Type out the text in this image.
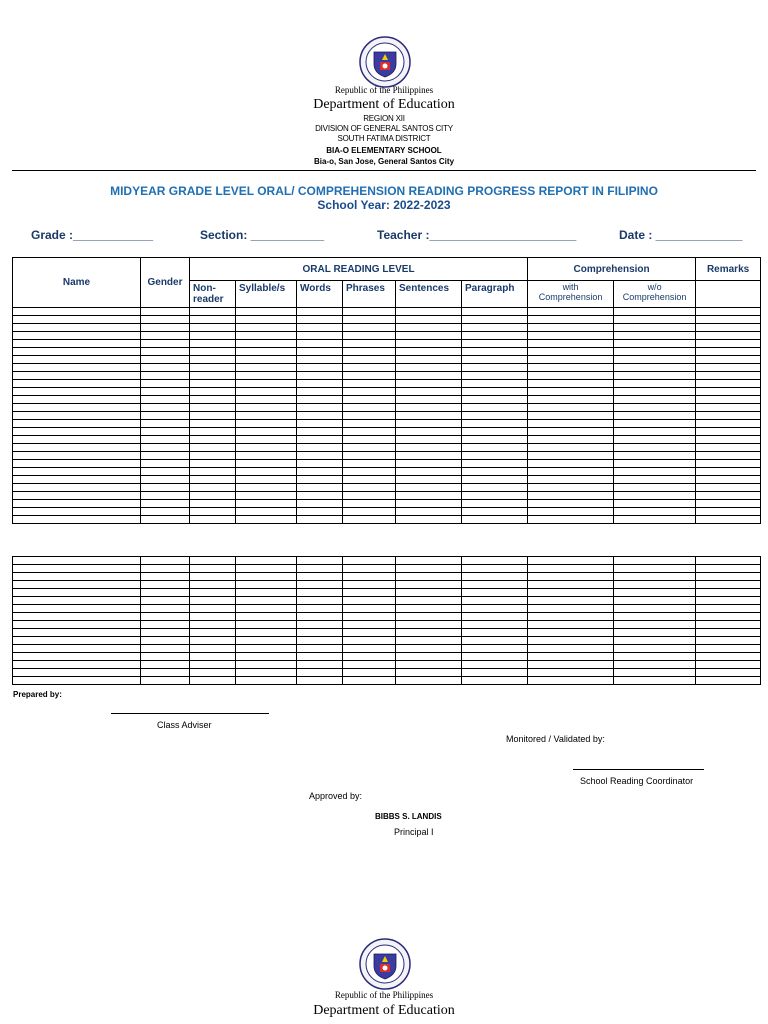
Republic of the Philippines
Department of Education
REGION XII
DIVISION OF GENERAL SANTOS CITY
SOUTH FATIMA DISTRICT
BIA-O ELEMENTARY SCHOOL
Bia-o, San Jose, General Santos City
MIDYEAR GRADE LEVEL ORAL/ COMPREHENSION READING PROGRESS REPORT IN FILIPINO
School Year: 2022-2023
Grade :____________	Section: ___________	Teacher :______________________	Date : _____________
Name	Gender	ORAL READING LEVEL						Comprehension		Remarks
		Non-reader	Syllable/s	Words	Phrases	Sentences	Paragraph	with Comprehension	w/o Comprehension	

Prepared by:
Class Adviser
Monitored / Validated by:
School Reading Coordinator
Approved by:
BIBBS S. LANDIS
Principal I
Republic of the Philippines
Department of Education
